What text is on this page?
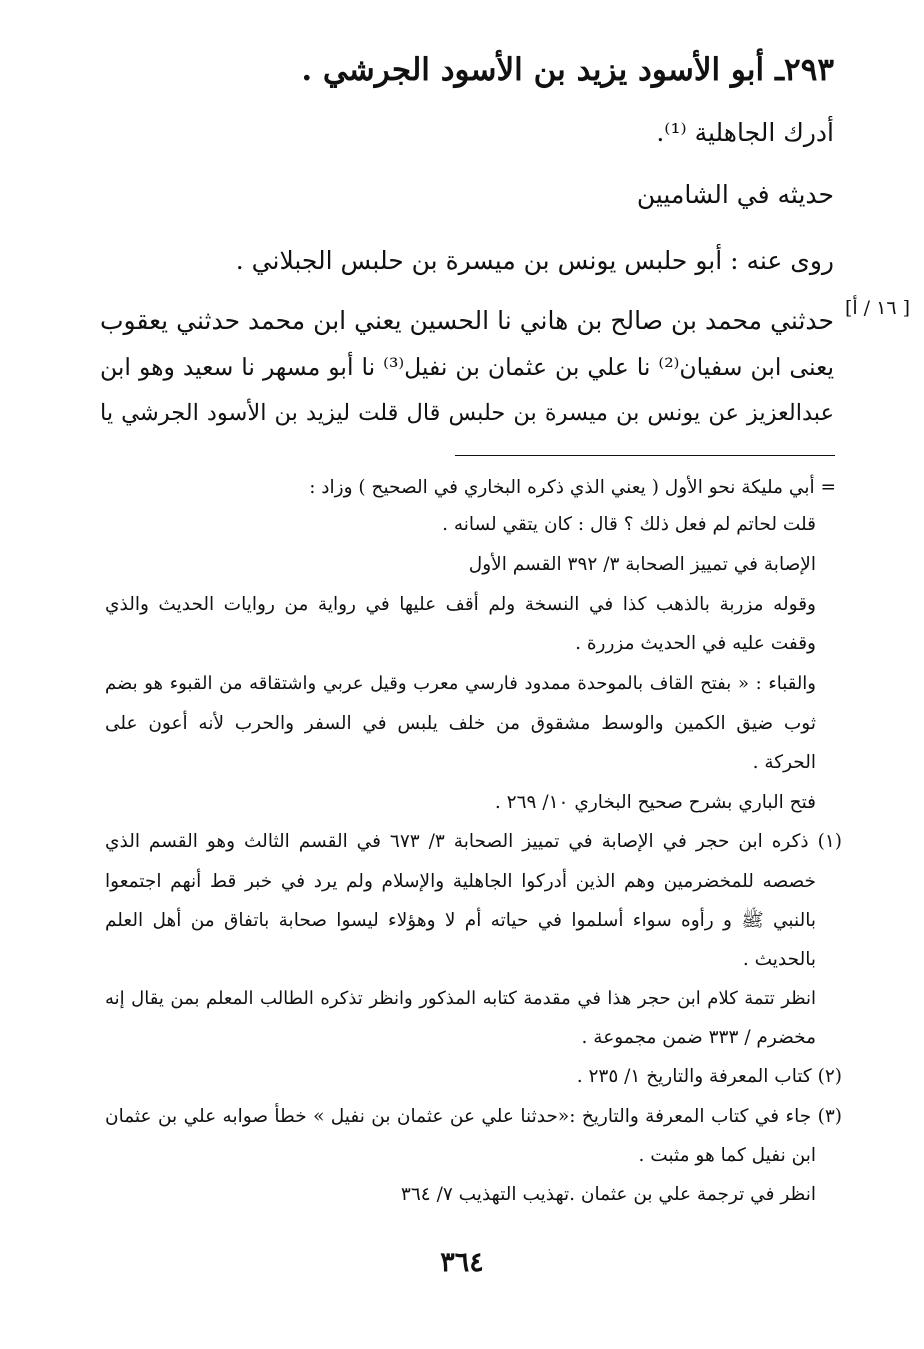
٢٩٣ـ أبو الأسود يزيد بن الأسود الجرشي .
أدرك الجاهلية ⁽¹⁾.
حديثه في الشاميين
روى عنه : أبو حلبس يونس بن ميسرة بن حلبس الجبلاني .
[ ١٦ / أ]
حدثني محمد بن صالح بن هاني نا الحسين يعني ابن محمد حدثني يعقوب
يعنى ابن سفيان⁽²⁾ نا علي بن عثمان بن نفيل⁽³⁾ نا أبو مسهر نا سعيد وهو ابن
عبدالعزيز عن يونس بن ميسرة بن حلبس قال قلت ليزيد بن الأسود الجرشي يا
= أبي مليكة نحو الأول ( يعني الذي ذكره البخاري في الصحيح ) وزاد :
قلت لحاتم لم فعل ذلك ؟ قال : كان يتقي لسانه .
الإصابة في تمييز الصحابة ٣/ ٣٩٢ القسم الأول
وقوله مزربة بالذهب كذا في النسخة ولم أقف عليها في رواية من روايات الحديث والذي
وقفت عليه في الحديث مزررة .
والقباء : « بفتح القاف بالموحدة ممدود فارسي معرب وقيل عربي واشتقاقه من القبوء هو بضم
ثوب ضيق الكمين والوسط مشقوق من خلف يلبس في السفر والحرب لأنه أعون على
الحركة .
فتح الباري بشرح صحيح البخاري ١٠/ ٢٦٩ .
(١) ذكره ابن حجر في الإصابة في تمييز الصحابة ٣/ ٦٧٣ في القسم الثالث وهو القسم الذي
خصصه للمخضرمين وهم الذين أدركوا الجاهلية والإسلام ولم يرد في خبر قط أنهم اجتمعوا
بالنبي ﷺ و رأوه سواء أسلموا في حياته أم لا وهؤلاء ليسوا صحابة باتفاق من أهل العلم
بالحديث .
انظر تتمة كلام ابن حجر هذا في مقدمة كتابه المذكور وانظر تذكره الطالب المعلم بمن يقال إنه
مخضرم / ٣٣٣ ضمن مجموعة .
(٢) كتاب المعرفة والتاريخ ١/ ٢٣٥ .
(٣) جاء في كتاب المعرفة والتاريخ :«حدثنا علي عن عثمان بن نفيل » خطأ صوابه علي بن عثمان
ابن نفيل كما هو مثبت .
انظر في ترجمة علي بن عثمان .تهذيب التهذيب ٧/ ٣٦٤
٣٦٤
